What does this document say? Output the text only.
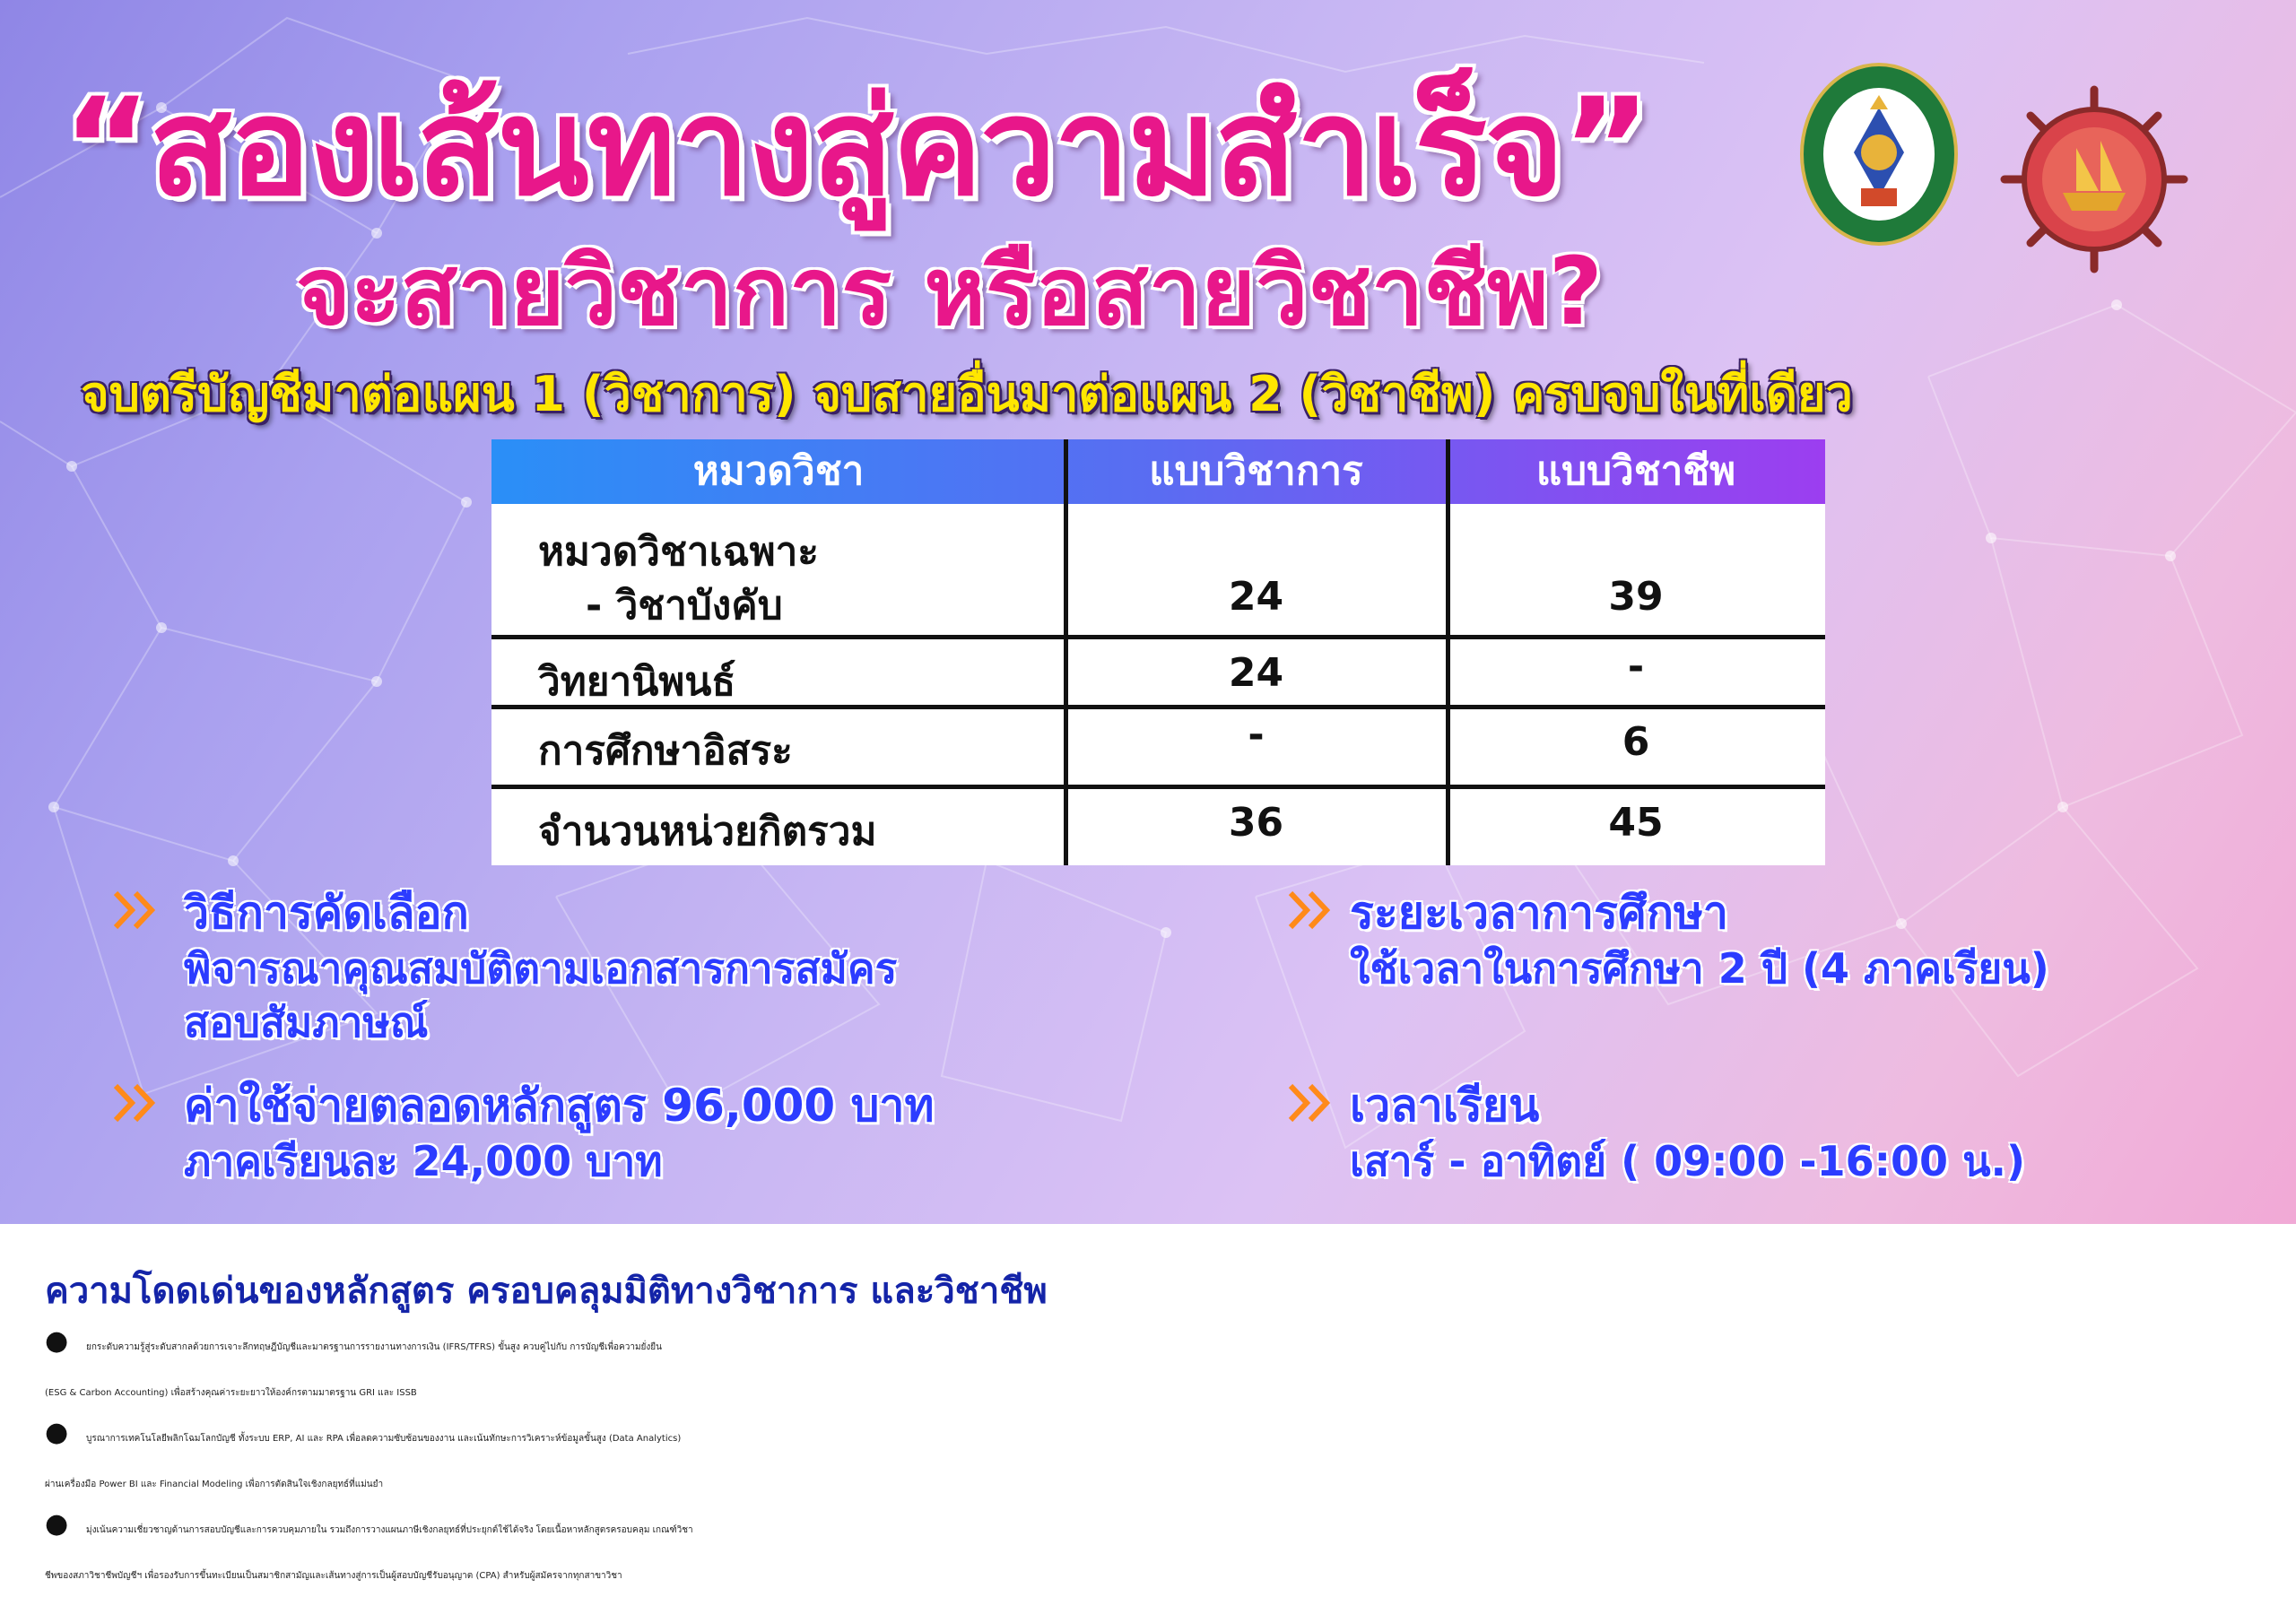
“สองเส้นทางสู่ความสำเร็จ”
จะสายวิชาการ หรือสายวิชาชีพ?
จบตรีบัญชีมาต่อแผน 1 (วิชาการ) จบสายอื่นมาต่อแผน 2 (วิชาชีพ) ครบจบในที่เดียว
หมวดวิชา	แบบวิชาการ	แบบวิชาชีพ
หมวดวิชาเฉพาะ
- วิชาบังคับ	24	39
วิทยานิพนธ์	24	-
การศึกษาอิสระ	-	6
จำนวนหน่วยกิตรวม	36	45
วิธีการคัดเลือก
พิจารณาคุณสมบัติตามเอกสารการสมัคร
สอบสัมภาษณ์
ระยะเวลาการศึกษา
ใช้เวลาในการศึกษา 2 ปี (4 ภาคเรียน)
ค่าใช้จ่ายตลอดหลักสูตร 96,000 บาท
ภาคเรียนละ 24,000 บาท
เวลาเรียน
เสาร์ - อาทิตย์ ( 09:00 -16:00 น.)
ความโดดเด่นของหลักสูตร ครอบคลุมมิติทางวิชาการ และวิชาชีพ
● ยกระดับความรู้สู่ระดับสากลด้วยการเจาะลึกทฤษฎีบัญชีและมาตรฐานการรายงานทางการเงิน (IFRS/TFRS) ขั้นสูง ควบคู่ไปกับ การบัญชีเพื่อความยั่งยืน
(ESG & Carbon Accounting) เพื่อสร้างคุณค่าระยะยาวให้องค์กรตามมาตรฐาน GRI และ ISSB
● บูรณาการเทคโนโลยีพลิกโฉมโลกบัญชี ทั้งระบบ ERP, AI และ RPA เพื่อลดความซับซ้อนของงาน และเน้นทักษะการวิเคราะห์ข้อมูลขั้นสูง (Data Analytics)
ผ่านเครื่องมือ Power BI และ Financial Modeling เพื่อการตัดสินใจเชิงกลยุทธ์ที่แม่นยำ
● มุ่งเน้นความเชี่ยวชาญด้านการสอบบัญชีและการควบคุมภายใน รวมถึงการวางแผนภาษีเชิงกลยุทธ์ที่ประยุกต์ใช้ได้จริง โดยเนื้อหาหลักสูตรครอบคลุม เกณฑ์วิชา
ชีพของสภาวิชาชีพบัญชีฯ เพื่อรองรับการขึ้นทะเบียนเป็นสมาชิกสามัญและเส้นทางสู่การเป็นผู้สอบบัญชีรับอนุญาต (CPA) สำหรับผู้สมัครจากทุกสาขาวิชา
